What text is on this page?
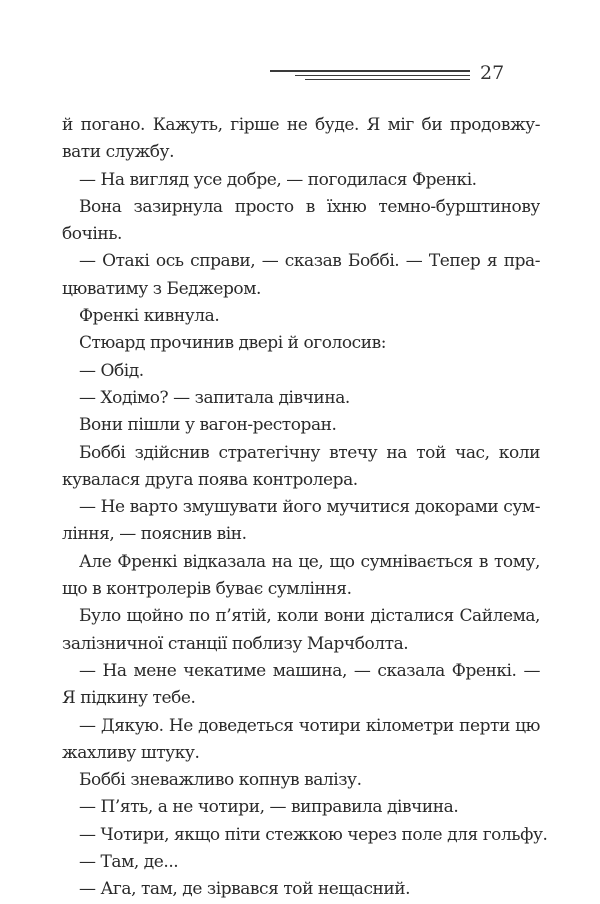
27
й погано. Кажуть, гірше не буде. Я міг би продовжу-
вати службу.
— На вигляд усе добре, — погодилася Френкі.
Вона зазирнула просто в їхню темно-бурштинову
бочінь.
— Отакі ось справи, — сказав Боббі. — Тепер я пра-
цюватиму з Беджером.
Френкі кивнула.
Стюард прочинив двері й оголосив:
— Обід.
— Ходімо? — запитала дівчина.
Вони пішли у вагон-ресторан.
Боббі здійснив стратегічну втечу на той час, коли
кувалася друга поява контролера.
— Не варто змушувати його мучитися докорами сум-
ління, — пояснив він.
Але Френкі відказала на це, що сумнівається в тому,
що в контролерів буває сумління.
Було щойно по п’ятій, коли вони дісталися Сайлема,
залізничної станції поблизу Марчболта.
— На мене чекатиме машина, — сказала Френкі. —
Я підкину тебе.
— Дякую. Не доведеться чотири кілометри перти цю
жахливу штуку.
Боббі зневажливо копнув валізу.
— П’ять, а не чотири, — виправила дівчина.
— Чотири, якщо піти стежкою через поле для гольфу.
— Там, де...
— Ага, там, де зірвався той нещасний.
